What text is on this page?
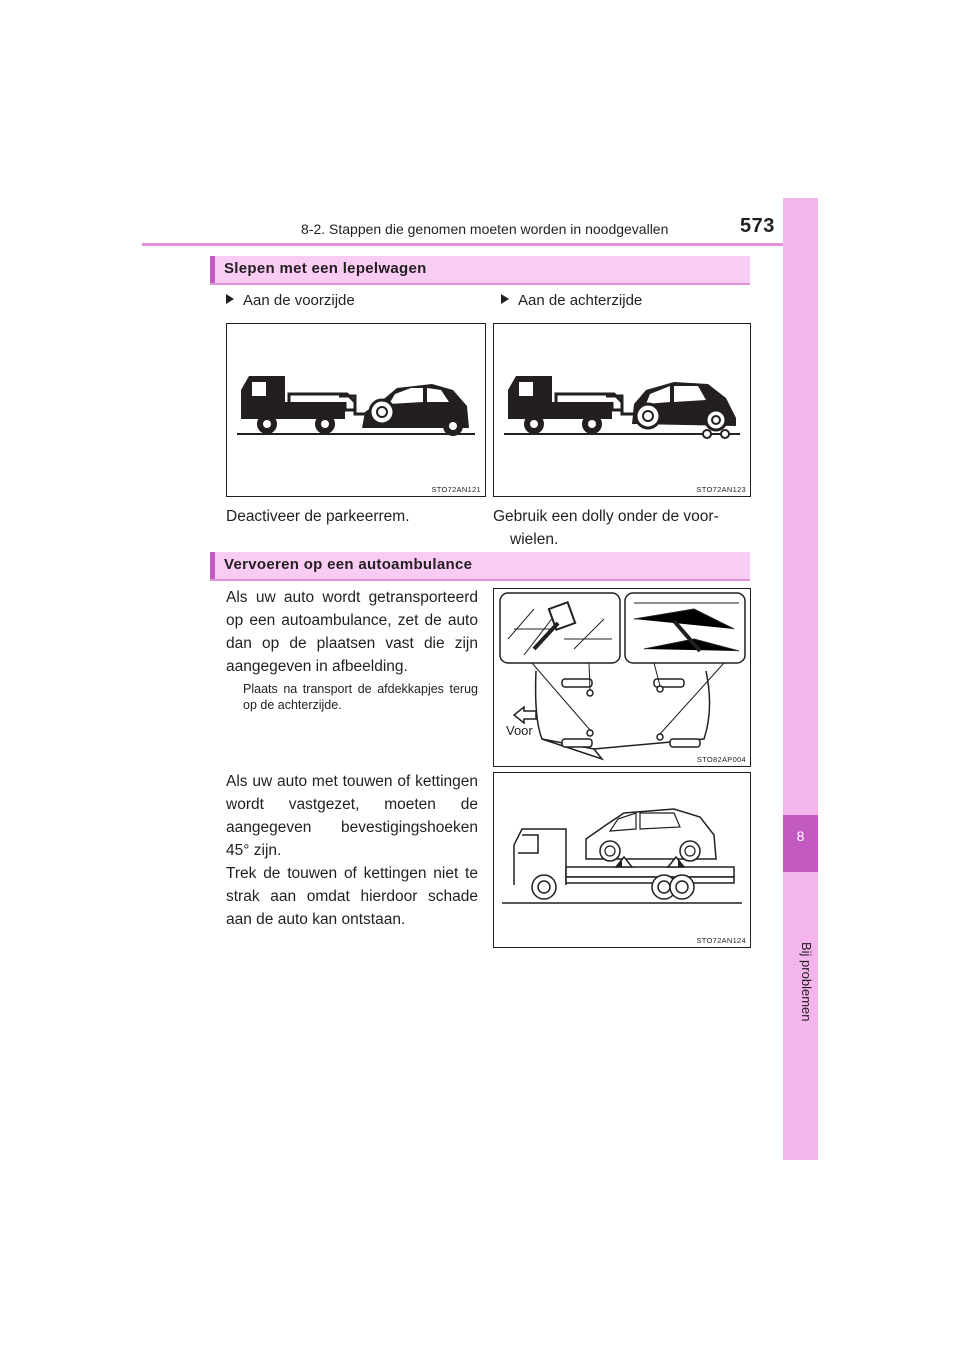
8-2. Stappen die genomen moeten worden in noodgevallen	573
8
Bij problemen
Slepen met een lepelwagen
Aan de voorzijde	Aan de achterzijde
STO72AN121	STO72AN123
Deactiveer de parkeerrem.	Gebruik een dolly onder de voor-
wielen.
Vervoeren op een autoambulance
Als uw auto wordt getransporteerd op een autoambulance, zet de auto dan op de plaatsen vast die zijn aangegeven in afbeelding.
Plaats na transport de afdekkapjes terug op de achterzijde.
Voor
STO82AP004
Als uw auto met touwen of kettingen wordt vastgezet, moeten de aangegeven bevestigingshoeken 45° zijn.
Trek de touwen of kettingen niet te strak aan omdat hierdoor schade aan de auto kan ontstaan.
STO72AN124
